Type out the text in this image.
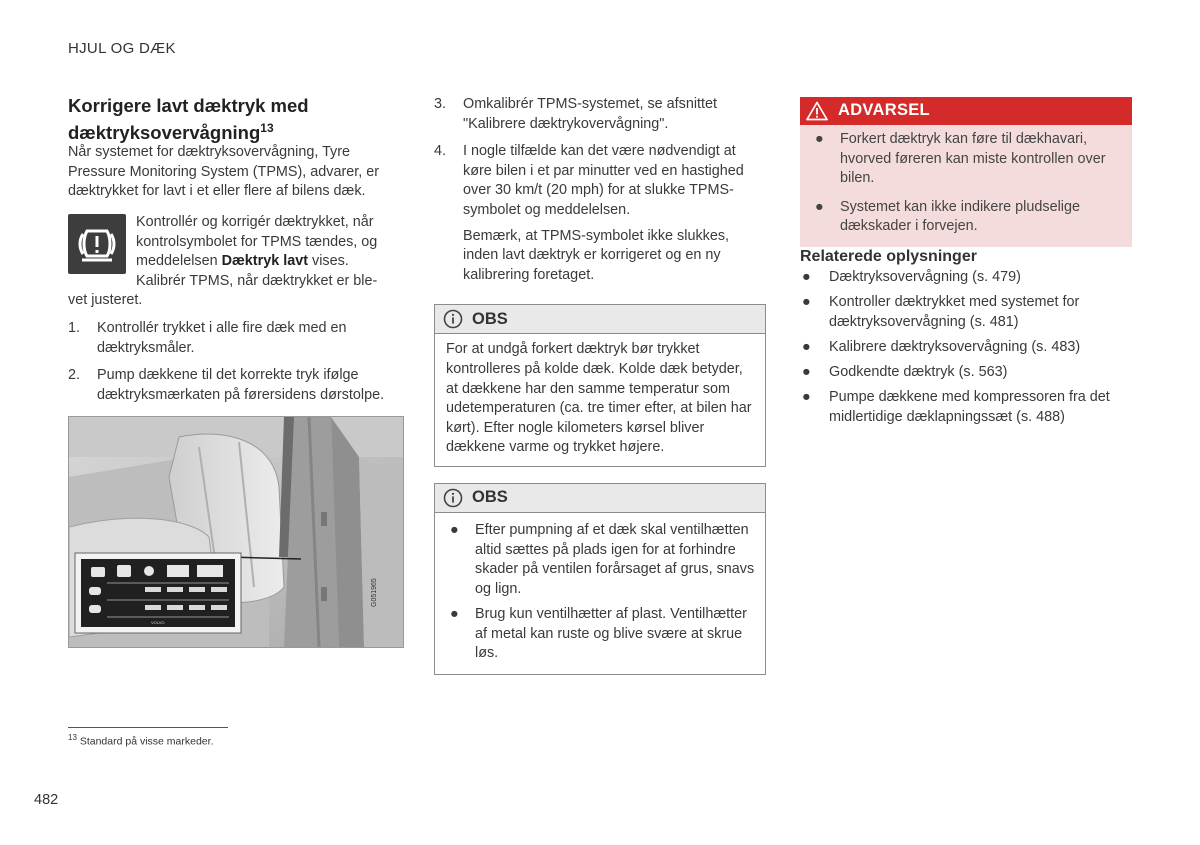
HJUL OG DÆK
Korrigere lavt dæktryk med dæktryksovervågning$^{13}$
Når systemet for dæktryksovervågning, Tyre Pressure Monitoring System (TPMS), advarer, er dæktrykket for lavt i et eller flere af bilens dæk.
Kontrollér og korrigér dæktrykket, når kontrolsymbolet for TPMS tændes, og meddelelsen Dæktryk lavt vises. Kalibrér TPMS, når dæktrykket er ble-
vet justeret.
1. Kontrollér trykket i alle fire dæk med en dæktryksmåler.
2. Pump dækkene til det korrekte tryk ifølge dæktryksmærkaten på førersidens dørstolpe.
VOLVO
G051965
3. Omkalibrér TPMS-systemet, se afsnittet "Kalibrere dæktrykovervågning".
4. I nogle tilfælde kan det være nødvendigt at køre bilen i et par minutter ved en hastighed over 30 km/t (20 mph) for at slukke TPMS-symbolet og meddelelsen.
Bemærk, at TPMS-symbolet ikke slukkes, inden lavt dæktryk er korrigeret og en ny kalibrering foretaget.
OBS
For at undgå forkert dæktryk bør trykket kontrolleres på kolde dæk. Kolde dæk betyder, at dækkene har den samme temperatur som udetemperaturen (ca. tre timer efter, at bilen har kørt). Efter nogle kilometers kørsel bliver dækkene varme og trykket højere.
OBS
● Efter pumpning af et dæk skal ventilhætten altid sættes på plads igen for at forhindre skader på ventilen forårsaget af grus, snavs og lign.
● Brug kun ventilhætter af plast. Ventilhætter af metal kan ruste og blive svære at skrue løs.
ADVARSEL
● Forkert dæktryk kan føre til dækhavari, hvorved føreren kan miste kontrollen over bilen.
● Systemet kan ikke indikere pludselige dækskader i forvejen.
Relaterede oplysninger
● Dæktryksovervågning (s. 479)
● Kontroller dæktrykket med systemet for dæktryksovervågning (s. 481)
● Kalibrere dæktryksovervågning (s. 483)
● Godkendte dæktryk (s. 563)
● Pumpe dækkene med kompressoren fra det midlertidige dæklapningssæt (s. 488)
$^{13}$ Standard på visse markeder.
482
